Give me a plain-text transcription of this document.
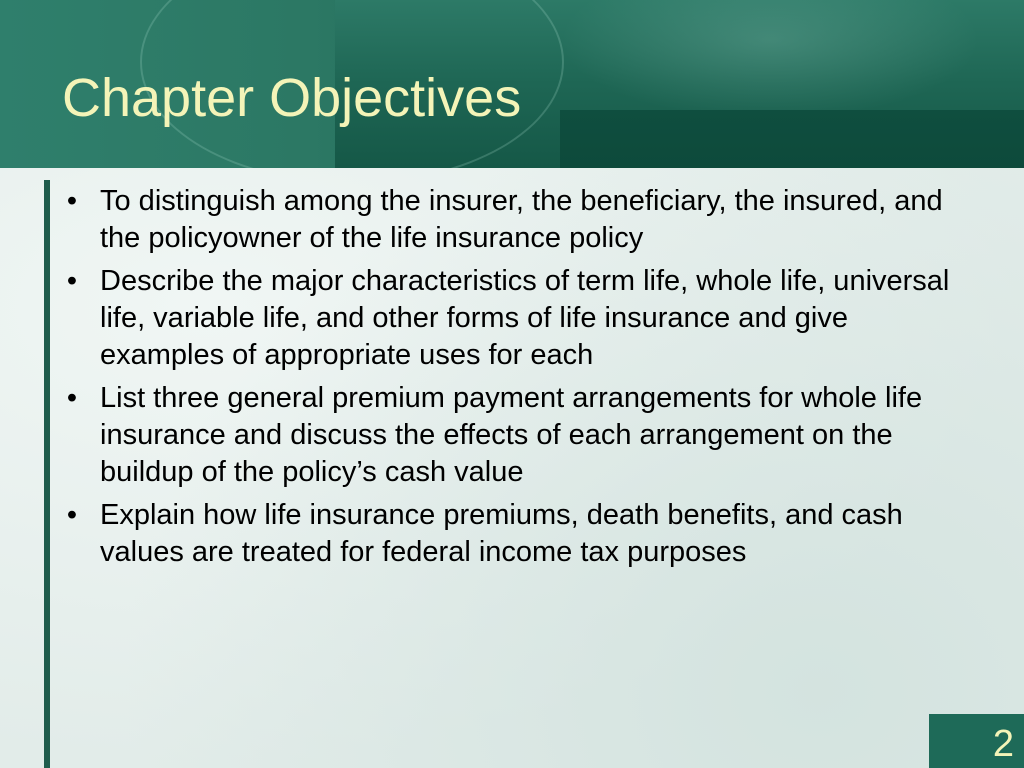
Chapter Objectives
• To distinguish among the insurer, the beneficiary, the insured, and the policyowner of the life insurance policy
• Describe the major characteristics of term life, whole life, universal life, variable life, and other forms of life insurance and give examples of appropriate uses for each
• List three general premium payment arrangements for whole life insurance and discuss the effects of each arrangement on the buildup of the policy’s cash value
• Explain how life insurance premiums, death benefits, and cash values are treated for federal income tax purposes
2
